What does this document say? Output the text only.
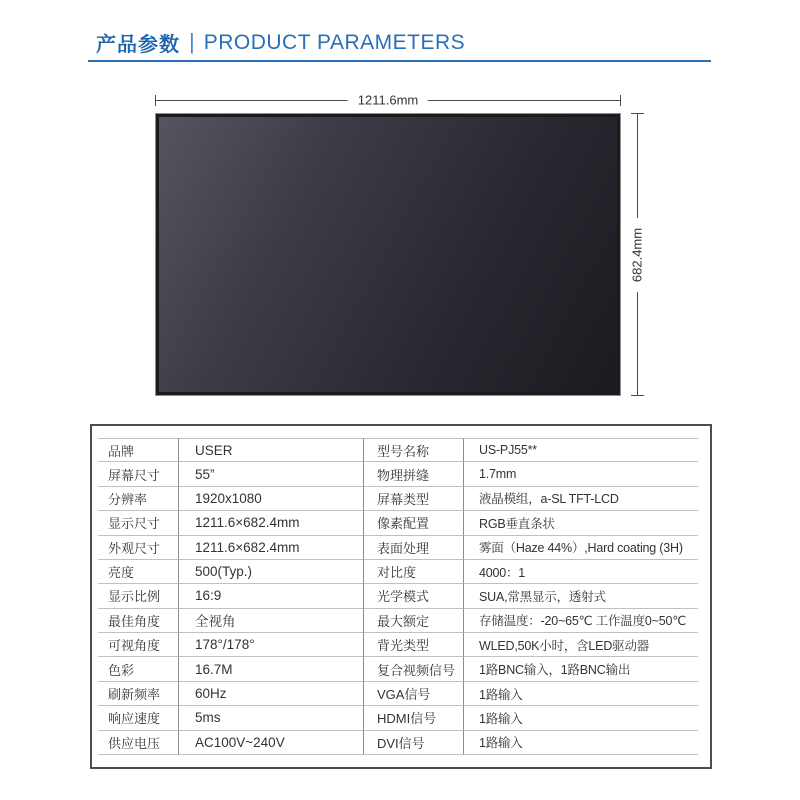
产品参数 | PRODUCT PARAMETERS
1211.6mm
682.4mm
品牌	USER	型号名称	US-PJ55**
屏幕尺寸	55”	物理拼缝	1.7mm
分辨率	1920x1080	屏幕类型	液晶模组，a-SL TFT-LCD
显示尺寸	1211.6×682.4mm	像素配置	RGB垂直条状
外观尺寸	1211.6×682.4mm	表面处理	雾面（Haze 44%）,Hard coating (3H)
亮度	500(Typ.)	对比度	4000：1
显示比例	16:9	光学模式	SUA,常黑显示，透射式
最佳角度	全视角	最大额定	存储温度：-20~65℃ 工作温度0~50℃
可视角度	178°/178°	背光类型	WLED,50K小时，含LED驱动器
色彩	16.7M	复合视频信号	1路BNC输入，1路BNC输出
刷新频率	60Hz	VGA信号	1路输入
响应速度	5ms	HDMI信号	1路输入
供应电压	AC100V~240V	DVI信号	1路输入
